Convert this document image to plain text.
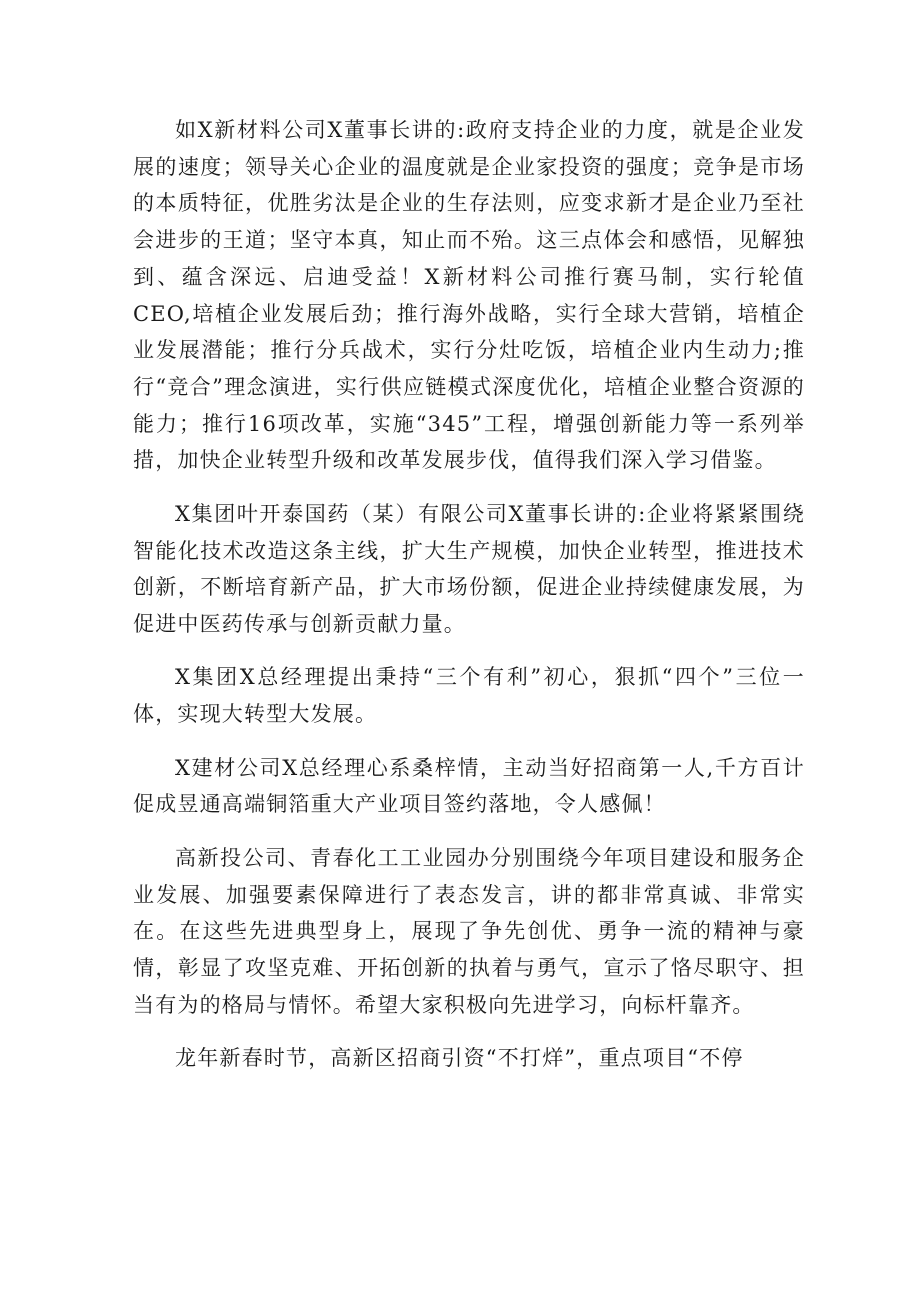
如X新材料公司X董事长讲的:政府支持企业的力度，就是企业发展的速度；领导关心企业的温度就是企业家投资的强度；竞争是市场的本质特征，优胜劣汰是企业的生存法则，应变求新才是企业乃至社会进步的王道；坚守本真，知止而不殆。这三点体会和感悟，见解独到、蕴含深远、启迪受益！X新材料公司推行赛马制，实行轮值CEO,培植企业发展后劲；推行海外战略，实行全球大营销，培植企业发展潜能；推行分兵战术，实行分灶吃饭，培植企业内生动力;推行“竞合”理念演进，实行供应链模式深度优化，培植企业整合资源的能力；推行16项改革，实施“345”工程，增强创新能力等一系列举措，加快企业转型升级和改革发展步伐，值得我们深入学习借鉴。

X集团叶开泰国药（某）有限公司X董事长讲的:企业将紧紧围绕智能化技术改造这条主线，扩大生产规模，加快企业转型，推进技术创新，不断培育新产品，扩大市场份额，促进企业持续健康发展，为促进中医药传承与创新贡献力量。

X集团X总经理提出秉持“三个有利”初心，狠抓“四个”三位一体，实现大转型大发展。

X建材公司X总经理心系桑梓情，主动当好招商第一人,千方百计促成昱通高端铜箔重大产业项目签约落地，令人感佩！

高新投公司、青春化工工业园办分别围绕今年项目建设和服务企业发展、加强要素保障进行了表态发言，讲的都非常真诚、非常实在。在这些先进典型身上，展现了争先创优、勇争一流的精神与豪情，彰显了攻坚克难、开拓创新的执着与勇气，宣示了恪尽职守、担当有为的格局与情怀。希望大家积极向先进学习，向标杆靠齐。

龙年新春时节，高新区招商引资“不打烊”，重点项目“不停
